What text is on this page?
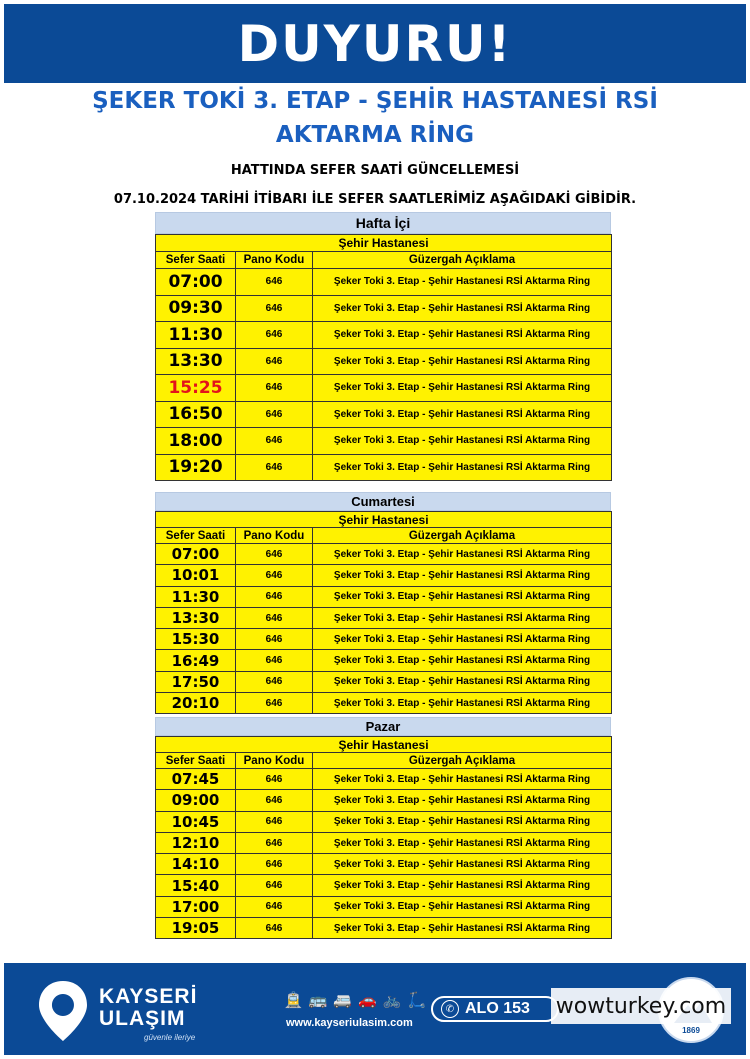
DUYURU!
ŞEKER TOKİ 3. ETAP - ŞEHİR HASTANESİ RSİ
AKTARMA RİNG
HATTINDA SEFER SAATİ GÜNCELLEMESİ
07.10.2024 TARİHİ İTİBARI İLE SEFER SAATLERİMİZ AŞAĞIDAKİ GİBİDİR.
Hafta İçi
Şehir Hastanesi		
Sefer Saati	Pano Kodu	Güzergah Açıklama
07:00	646	Şeker Toki 3. Etap - Şehir Hastanesi RSİ Aktarma Ring
09:30	646	Şeker Toki 3. Etap - Şehir Hastanesi RSİ Aktarma Ring
11:30	646	Şeker Toki 3. Etap - Şehir Hastanesi RSİ Aktarma Ring
13:30	646	Şeker Toki 3. Etap - Şehir Hastanesi RSİ Aktarma Ring
15:25	646	Şeker Toki 3. Etap - Şehir Hastanesi RSİ Aktarma Ring
16:50	646	Şeker Toki 3. Etap - Şehir Hastanesi RSİ Aktarma Ring
18:00	646	Şeker Toki 3. Etap - Şehir Hastanesi RSİ Aktarma Ring
19:20	646	Şeker Toki 3. Etap - Şehir Hastanesi RSİ Aktarma Ring
Cumartesi
Şehir Hastanesi		
Sefer Saati	Pano Kodu	Güzergah Açıklama
07:00	646	Şeker Toki 3. Etap - Şehir Hastanesi RSİ Aktarma Ring
10:01	646	Şeker Toki 3. Etap - Şehir Hastanesi RSİ Aktarma Ring
11:30	646	Şeker Toki 3. Etap - Şehir Hastanesi RSİ Aktarma Ring
13:30	646	Şeker Toki 3. Etap - Şehir Hastanesi RSİ Aktarma Ring
15:30	646	Şeker Toki 3. Etap - Şehir Hastanesi RSİ Aktarma Ring
16:49	646	Şeker Toki 3. Etap - Şehir Hastanesi RSİ Aktarma Ring
17:50	646	Şeker Toki 3. Etap - Şehir Hastanesi RSİ Aktarma Ring
20:10	646	Şeker Toki 3. Etap - Şehir Hastanesi RSİ Aktarma Ring
Pazar
Şehir Hastanesi		
Sefer Saati	Pano Kodu	Güzergah Açıklama
07:45	646	Şeker Toki 3. Etap - Şehir Hastanesi RSİ Aktarma Ring
09:00	646	Şeker Toki 3. Etap - Şehir Hastanesi RSİ Aktarma Ring
10:45	646	Şeker Toki 3. Etap - Şehir Hastanesi RSİ Aktarma Ring
12:10	646	Şeker Toki 3. Etap - Şehir Hastanesi RSİ Aktarma Ring
14:10	646	Şeker Toki 3. Etap - Şehir Hastanesi RSİ Aktarma Ring
15:40	646	Şeker Toki 3. Etap - Şehir Hastanesi RSİ Aktarma Ring
17:00	646	Şeker Toki 3. Etap - Şehir Hastanesi RSİ Aktarma Ring
19:05	646	Şeker Toki 3. Etap - Şehir Hastanesi RSİ Aktarma Ring
KAYSERİ
ULAŞIM
güvenle ileriye
🚊 🚌 🚐 🚗 🚲 🛴
www.kayseriulasim.com
✆ ALO 153
1869
wowturkey.com
